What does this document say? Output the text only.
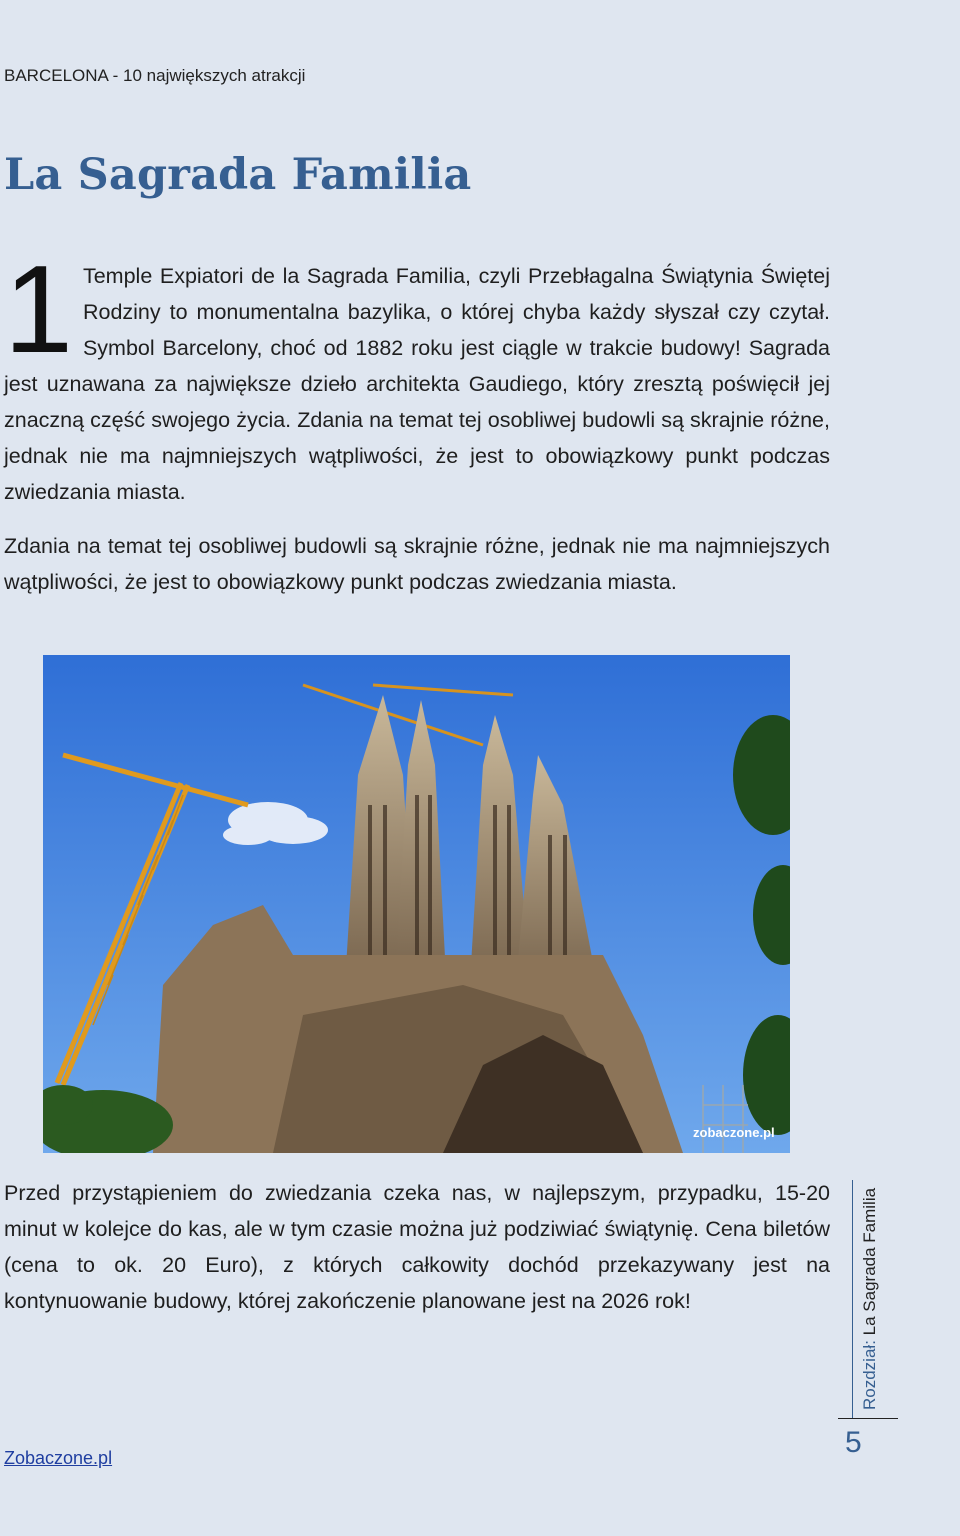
BARCELONA - 10 największych atrakcji
La Sagrada Familia

1 Temple Expiatori de la Sagrada Familia, czyli Przebłagalna Świątynia Świętej Rodziny to monumentalna bazylika, o której chyba każdy słyszał czy czytał. Symbol Barcelony, choć od 1882 roku jest ciągle w trakcie budowy! Sagrada jest uznawana za największe dzieło architekta Gaudiego, który zresztą poświęcił jej znaczną część swojego życia. Zdania na temat tej osobliwej budowli są skrajnie różne, jednak nie ma najmniejszych wątpliwości, że jest to obowiązkowy punkt podczas zwiedzania miasta.

Zdania na temat tej osobliwej budowli są skrajnie różne, jednak nie ma najmniejszych wątpliwości, że jest to obowiązkowy punkt podczas zwiedzania miasta.

zobaczone.pl

Przed przystąpieniem do zwiedzania czeka nas, w najlepszym, przypadku, 15-20 minut w kolejce do kas, ale w tym czasie można już podziwiać świątynię. Cena biletów (cena to ok. 20 Euro), z których całkowity dochód przekazywany jest na kontynuowanie budowy, której zakończenie planowane jest na 2026 rok!

Zobaczone.pl
Rozdział: La Sagrada Familia
5
